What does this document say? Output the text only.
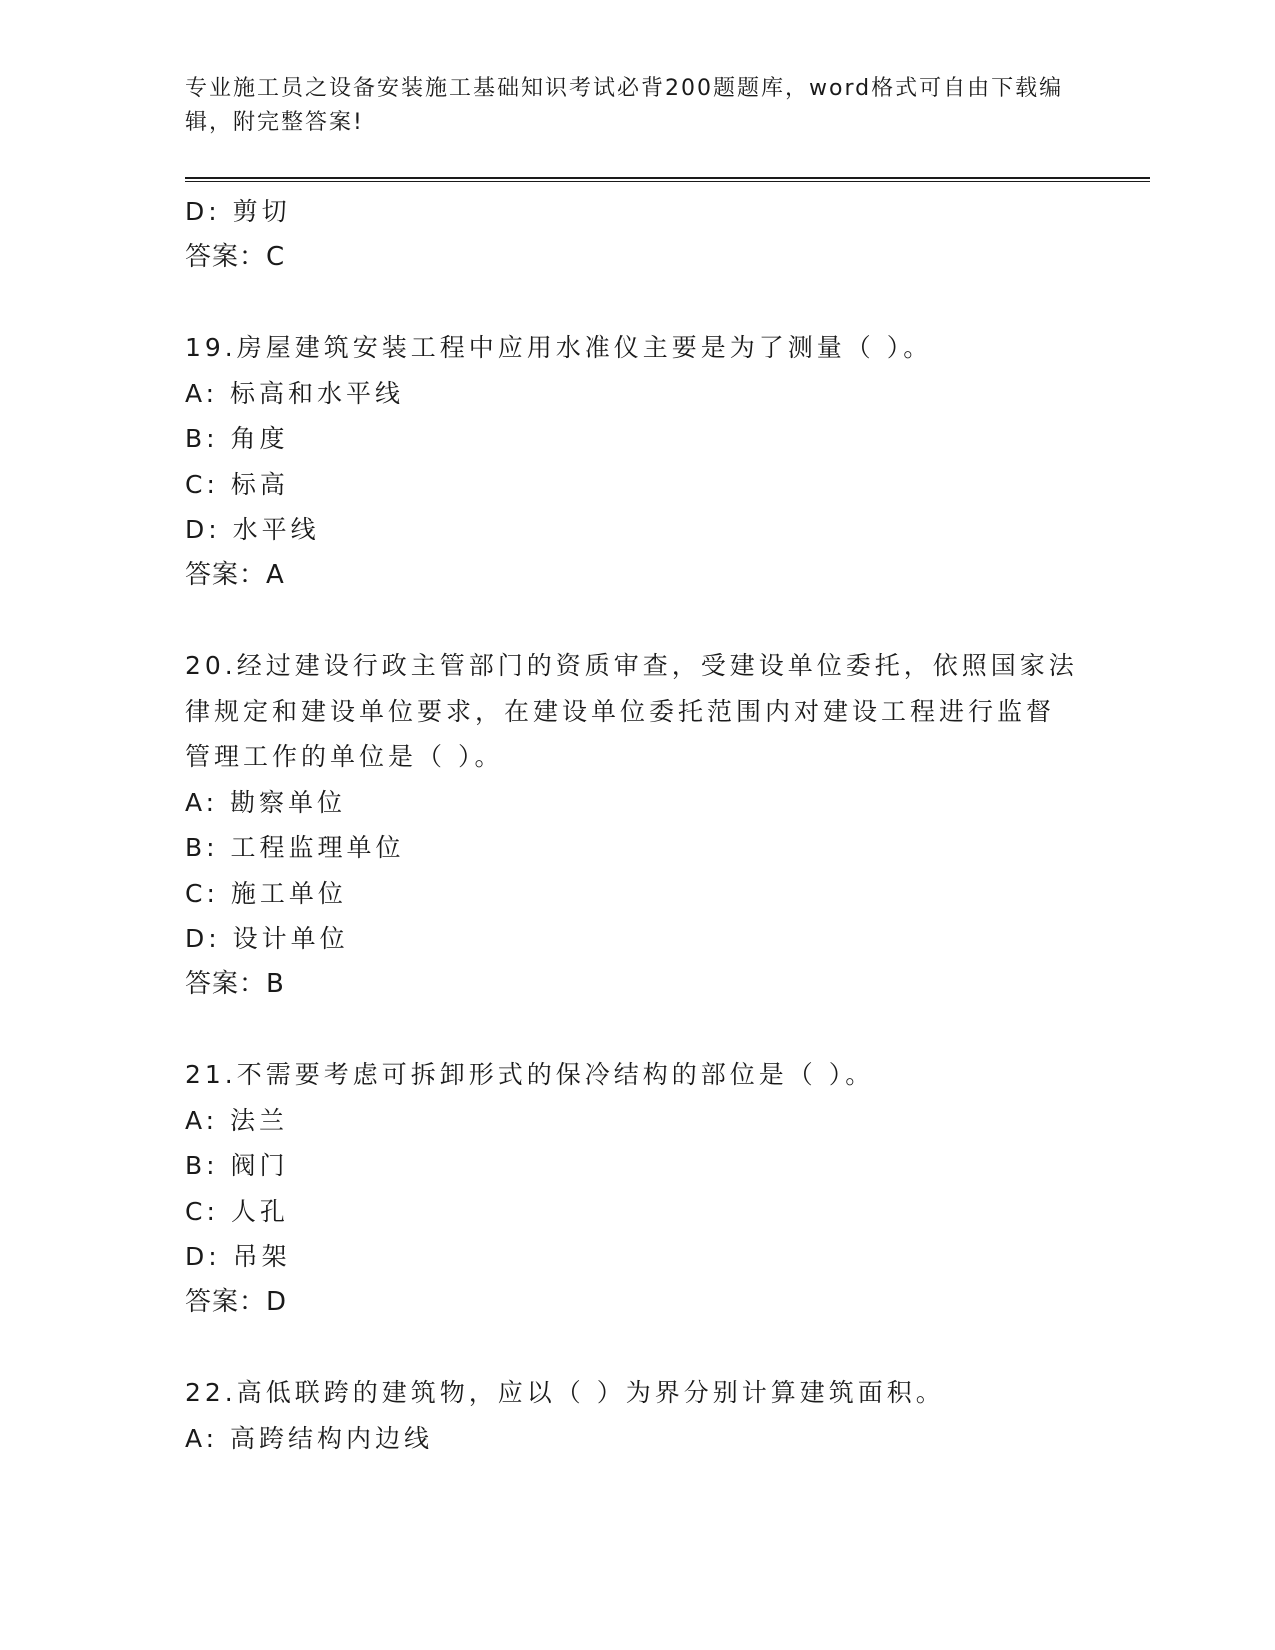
专业施工员之设备安装施工基础知识考试必背200题题库，word格式可自由下载编辑，附完整答案!
D: 剪切
答案：C
19.房屋建筑安装工程中应用水准仪主要是为了测量（ ）。
A: 标高和水平线
B: 角度
C: 标高
D: 水平线
答案：A
20.经过建设行政主管部门的资质审查，受建设单位委托，依照国家法
律规定和建设单位要求，在建设单位委托范围内对建设工程进行监督
管理工作的单位是（ ）。
A: 勘察单位
B: 工程监理单位
C: 施工单位
D: 设计单位
答案：B
21.不需要考虑可拆卸形式的保冷结构的部位是（ ）。
A: 法兰
B: 阀门
C: 人孔
D: 吊架
答案：D
22.高低联跨的建筑物，应以（ ）为界分别计算建筑面积。
A: 高跨结构内边线
